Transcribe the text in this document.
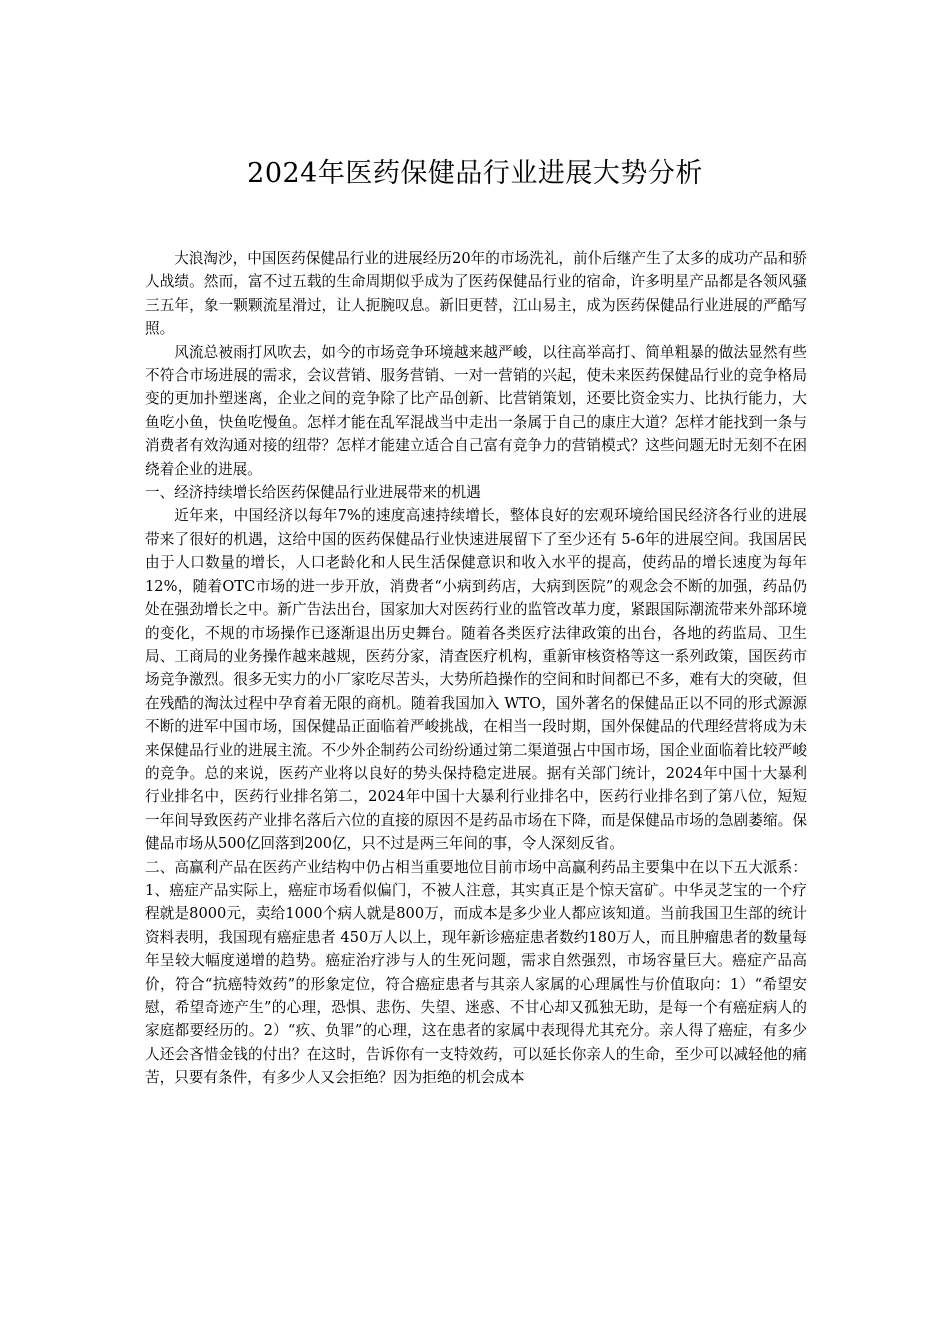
2024年医药保健品行业进展大势分析

大浪淘沙，中国医药保健品行业的进展经历20年的市场洗礼，前仆后继产生了太多的成功产品和骄人战绩。然而，富不过五载的生命周期似乎成为了医药保健品行业的宿命，许多明星产品都是各领风骚三五年，象一颗颗流星滑过，让人扼腕叹息。新旧更替，江山易主，成为医药保健品行业进展的严酷写照。

风流总被雨打风吹去，如今的市场竞争环境越来越严峻，以往高举高打、简单粗暴的做法显然有些不符合市场进展的需求，会议营销、服务营销、一对一营销的兴起，使未来医药保健品行业的竞争格局变的更加扑塑迷离，企业之间的竞争除了比产品创新、比营销策划，还要比资金实力、比执行能力，大鱼吃小鱼，快鱼吃慢鱼。怎样才能在乱军混战当中走出一条属于自己的康庄大道？怎样才能找到一条与消费者有效沟通对接的纽带？怎样才能建立适合自己富有竞争力的营销模式？这些问题无时无刻不在困绕着企业的进展。

一、经济持续增长给医药保健品行业进展带来的机遇

近年来，中国经济以每年7%的速度高速持续增长，整体良好的宏观环境给国民经济各行业的进展带来了很好的机遇，这给中国的医药保健品行业快速进展留下了至少还有 5-6年的进展空间。我国居民由于人口数量的增长，人口老龄化和人民生活保健意识和收入水平的提高，使药品的增长速度为每年12%，随着OTC市场的进一步开放，消费者“小病到药店，大病到医院”的观念会不断的加强，药品仍处在强劲增长之中。新广告法出台，国家加大对医药行业的监管改革力度，紧跟国际潮流带来外部环境的变化，不规的市场操作已逐渐退出历史舞台。随着各类医疗法律政策的出台，各地的药监局、卫生局、工商局的业务操作越来越规，医药分家，清查医疗机构，重新审核资格等这一系列政策，国医药市场竞争激烈。很多无实力的小厂家吃尽苦头，大势所趋操作的空间和时间都已不多，难有大的突破，但在残酷的淘汰过程中孕育着无限的商机。随着我国加入 WTO，国外著名的保健品正以不同的形式源源不断的进军中国市场，国保健品正面临着严峻挑战，在相当一段时期，国外保健品的代理经营将成为未来保健品行业的进展主流。不少外企制药公司纷纷通过第二渠道强占中国市场，国企业面临着比较严峻的竞争。总的来说，医药产业将以良好的势头保持稳定进展。据有关部门统计，2024年中国十大暴利行业排名中，医药行业排名第二，2024年中国十大暴利行业排名中，医药行业排名到了第八位，短短一年间导致医药产业排名落后六位的直接的原因不是药品市场在下降，而是保健品市场的急剧萎缩。保健品市场从500亿回落到200亿，只不过是两三年间的事，令人深刻反省。

二、高赢利产品在医药产业结构中仍占相当重要地位目前市场中高赢利药品主要集中在以下五大派系：1、癌症产品实际上，癌症市场看似偏门，不被人注意，其实真正是个惊天富矿。中华灵芝宝的一个疗程就是8000元，卖给1000个病人就是800万，而成本是多少业人都应该知道。当前我国卫生部的统计资料表明，我国现有癌症患者 450万人以上，现年新诊癌症患者数约180万人，而且肿瘤患者的数量每年呈较大幅度递增的趋势。癌症治疗涉与人的生死问题，需求自然强烈，市场容量巨大。癌症产品高价，符合“抗癌特效药”的形象定位，符合癌症患者与其亲人家属的心理属性与价值取向：1）“希望安慰，希望奇迹产生”的心理，恐惧、悲伤、失望、迷惑、不甘心却又孤独无助，是每一个有癌症病人的家庭都要经历的。2）“疚、负罪”的心理，这在患者的家属中表现得尤其充分。亲人得了癌症，有多少人还会吝惜金钱的付出？在这时，告诉你有一支特效药，可以延长你亲人的生命，至少可以减轻他的痛苦，只要有条件，有多少人又会拒绝？因为拒绝的机会成本
